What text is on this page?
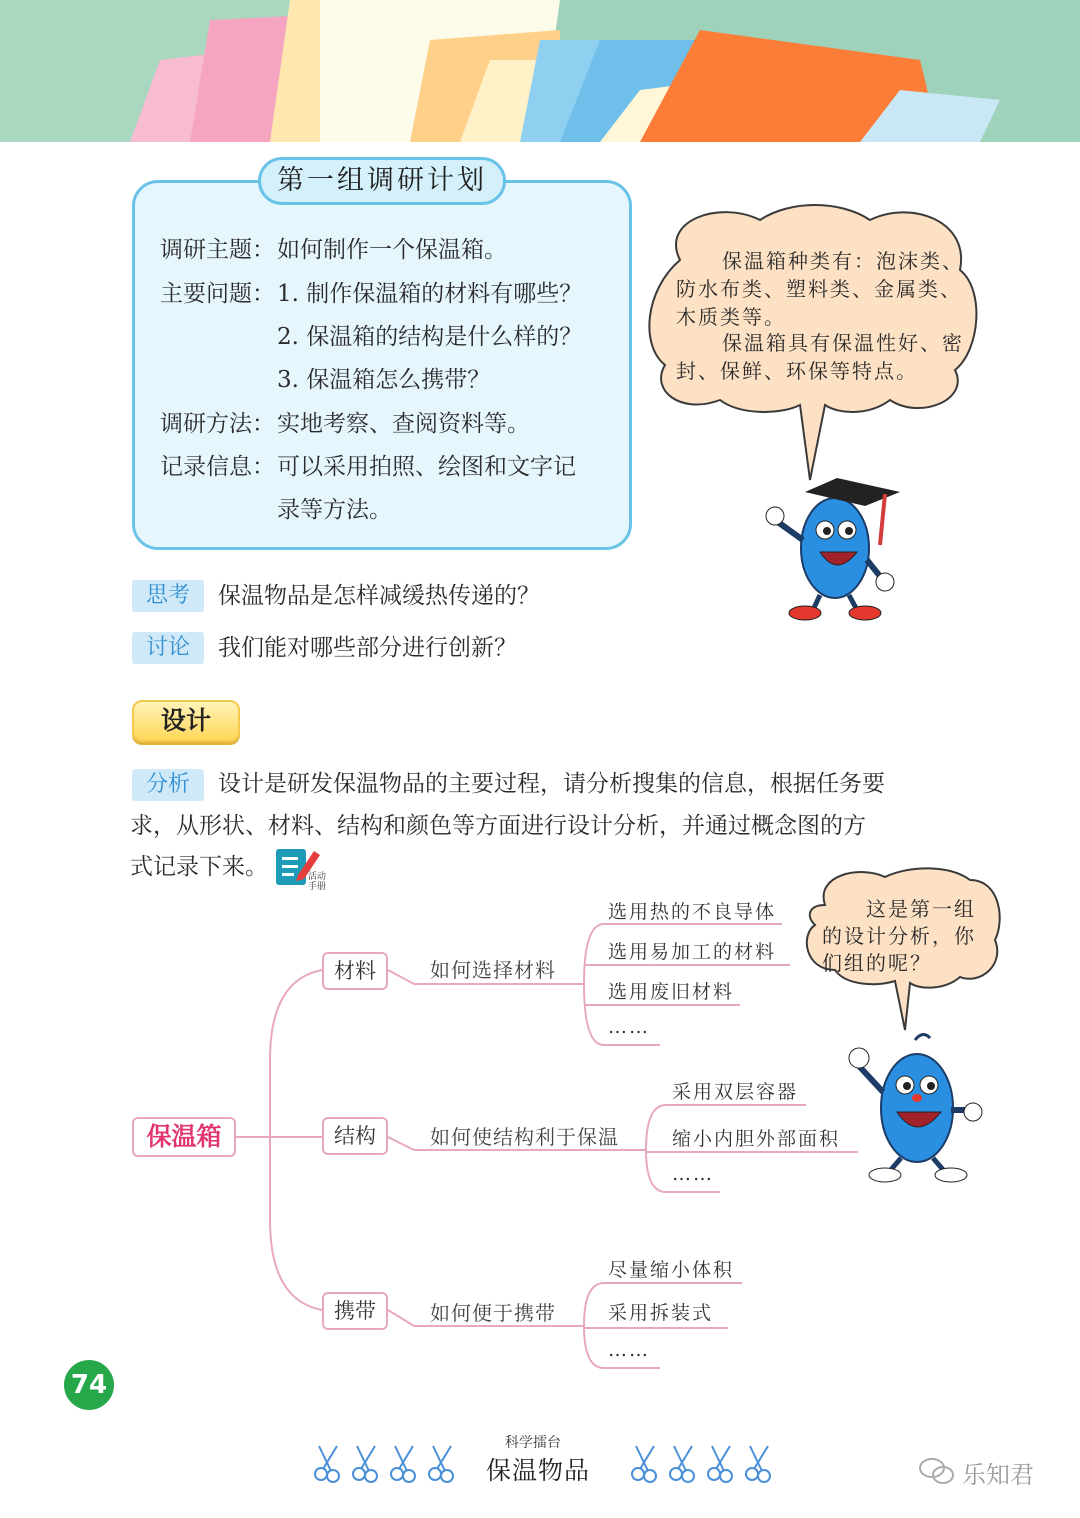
第一组调研计划
调研主题： 如何制作一个保温箱。
主要问题： 1. 制作保温箱的材料有哪些？
2. 保温箱的结构是什么样的？
3. 保温箱怎么携带？
调研方法： 实地考察、查阅资料等。
记录信息： 可以采用拍照、绘图和文字记
录等方法。
保温箱种类有：泡沫类、
防水布类、塑料类、金属类、
木质类等。
保温箱具有保温性好、密
封、保鲜、环保等特点。
思考	保温物品是怎样减缓热传递的？
讨论	我们能对哪些部分进行创新？
设计
分析	设计是研发保温物品的主要过程，请分析搜集的信息，根据任务要
求，从形状、材料、结构和颜色等方面进行设计分析，并通过概念图的方
式记录下来。	活动
手册
保温箱
材料	如何选择材料
选用热的不良导体
选用易加工的材料
选用废旧材料
……
结构	如何使结构利于保温
采用双层容器
缩小内胆外部面积
……
携带	如何便于携带
尽量缩小体积
采用拆装式
……
这是第一组
的设计分析，你
们组的呢？
74
科学擂台
保温物品	乐知君
